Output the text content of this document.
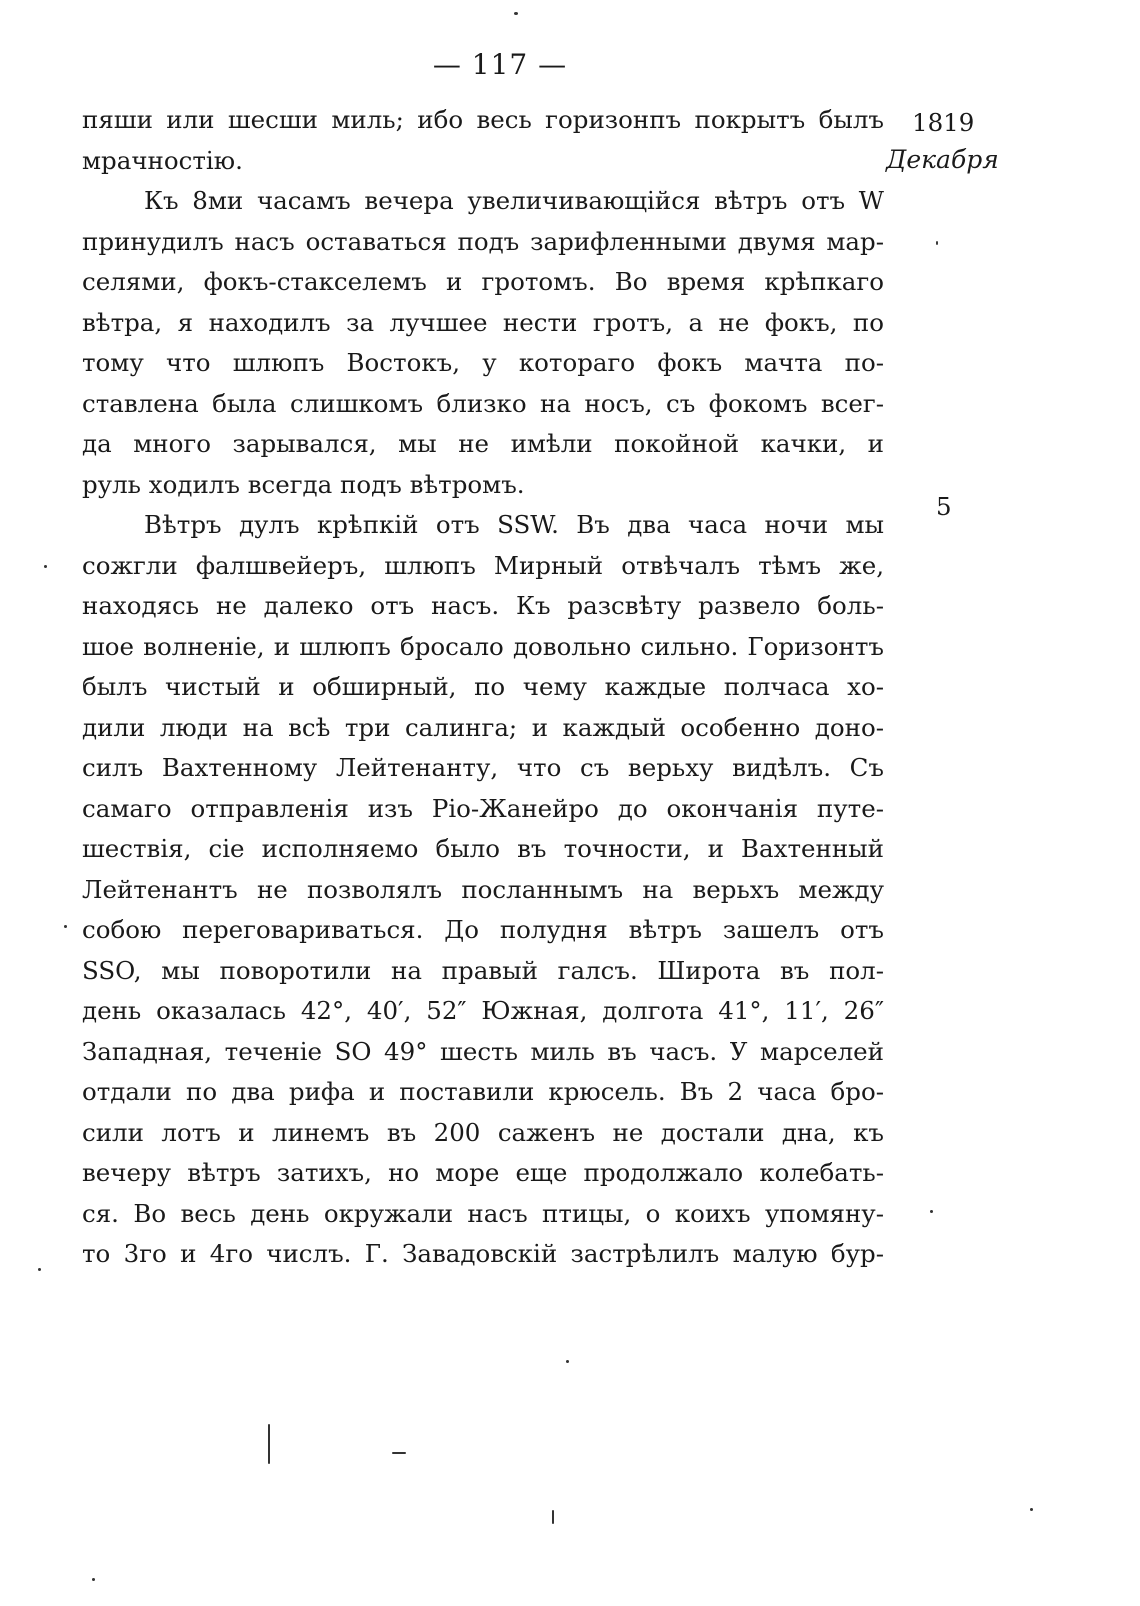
— 117 —
1819
Декабря
5
пяши или шесши миль; ибо весь горизонпъ покрытъ былъ
мрачностію.
Къ 8ми часамъ вечера увеличивающійся вѣтръ отъ W
принудилъ насъ оставаться подъ зарифленными двумя мар-
селями, фокъ-стакселемъ и гротомъ. Во время крѣпкаго
вѣтра, я находилъ за лучшее нести гротъ, а не фокъ, по
тому что шлюпъ Востокъ, у котораго фокъ мачта по-
ставлена была слишкомъ близко на носъ, съ фокомъ всег-
да много зарывался, мы не имѣли покойной качки, и
руль ходилъ всегда подъ вѣтромъ.
Вѣтръ дулъ крѣпкій отъ SSW. Въ два часа ночи мы
сожгли фалшвейеръ, шлюпъ Мирный отвѣчалъ тѣмъ же,
находясь не далеко отъ насъ. Къ разсвѣту развело боль-
шое волненіе, и шлюпъ бросало довольно сильно. Горизонтъ
былъ чистый и обширный, по чему каждые полчаса хо-
дили люди на всѣ три салинга; и каждый особенно доно-
силъ Вахтенному Лейтенанту, что съ верьху видѣлъ. Съ
самаго отправленія изъ Ріо-Жанейро до окончанія путе-
шествія, сіе исполняемо было въ точности, и Вахтенный
Лейтенантъ не позволялъ посланнымъ на верьхъ между
собою переговариваться. До полудня вѣтръ зашелъ отъ
SSO, мы поворотили на правый галсъ. Широта въ пол-
день оказалась 42°, 40′, 52″ Южная, долгота 41°, 11′, 26″
Западная, теченіе SO 49° шесть миль въ часъ. У марселей
отдали по два рифа и поставили крюсель. Въ 2 часа бро-
сили лотъ и линемъ въ 200 саженъ не достали дна, къ
вечеру вѣтръ затихъ, но море еще продолжало колебать-
ся. Во весь день окружали насъ птицы, о коихъ упомяну-
то 3го и 4го числъ. Г. Завадовскій застрѣлилъ малую бур-
